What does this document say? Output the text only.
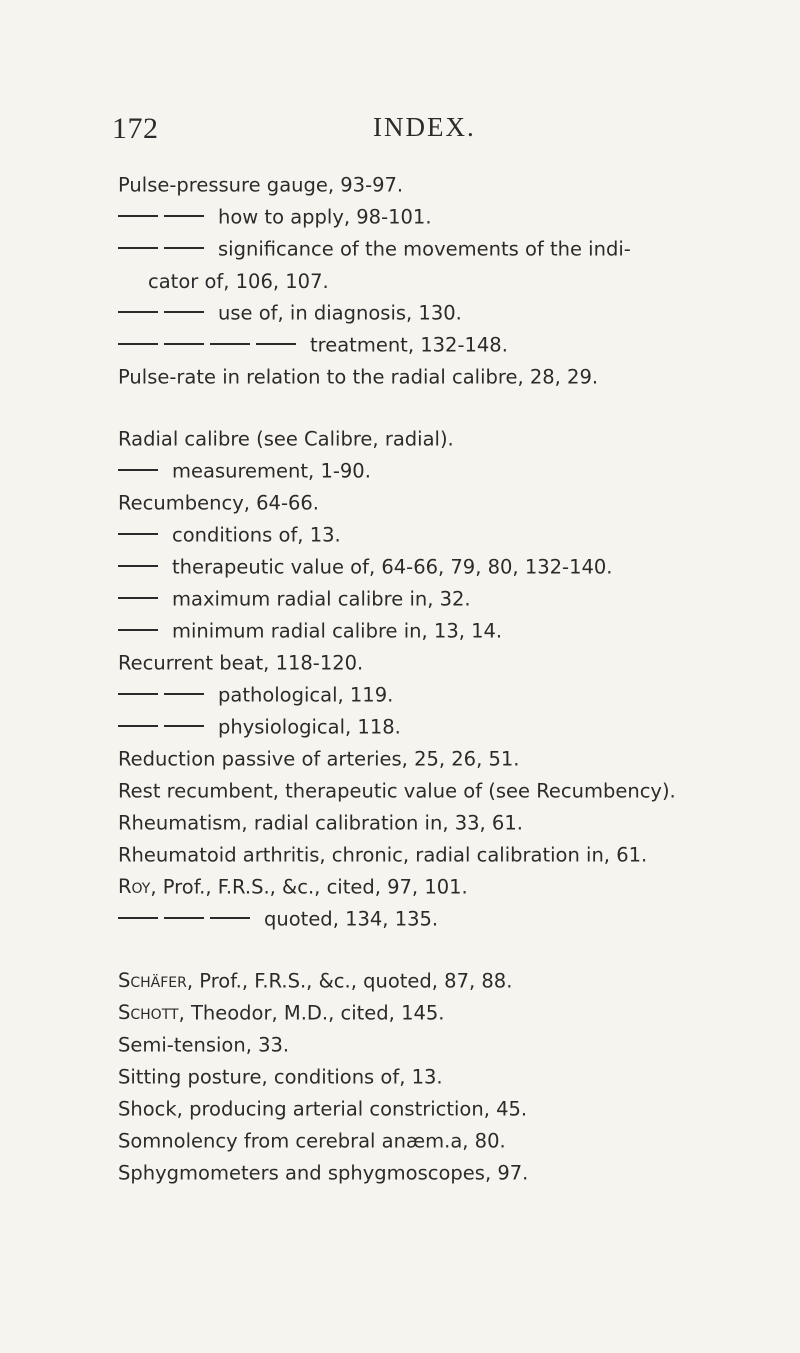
172	INDEX.
Pulse-pressure gauge, 93-97.
how to apply, 98-101.
significance of the movements of the indi-
cator of, 106, 107.
use of, in diagnosis, 130.
treatment, 132-148.
Pulse-rate in relation to the radial calibre, 28, 29.
Radial calibre (see Calibre, radial).
measurement, 1-90.
Recumbency, 64-66.
conditions of, 13.
therapeutic value of, 64-66, 79, 80, 132-140.
maximum radial calibre in, 32.
minimum radial calibre in, 13, 14.
Recurrent beat, 118-120.
pathological, 119.
physiological, 118.
Reduction passive of arteries, 25, 26, 51.
Rest recumbent, therapeutic value of (see Recumbency).
Rheumatism, radial calibration in, 33, 61.
Rheumatoid arthritis, chronic, radial calibration in, 61.
Roy, Prof., F.R.S., &c., cited, 97, 101.
quoted, 134, 135.
Schäfer, Prof., F.R.S., &c., quoted, 87, 88.
Schott, Theodor, M.D., cited, 145.
Semi-tension, 33.
Sitting posture, conditions of, 13.
Shock, producing arterial constriction, 45.
Somnolency from cerebral anæm.a, 80.
Sphygmometers and sphygmoscopes, 97.
